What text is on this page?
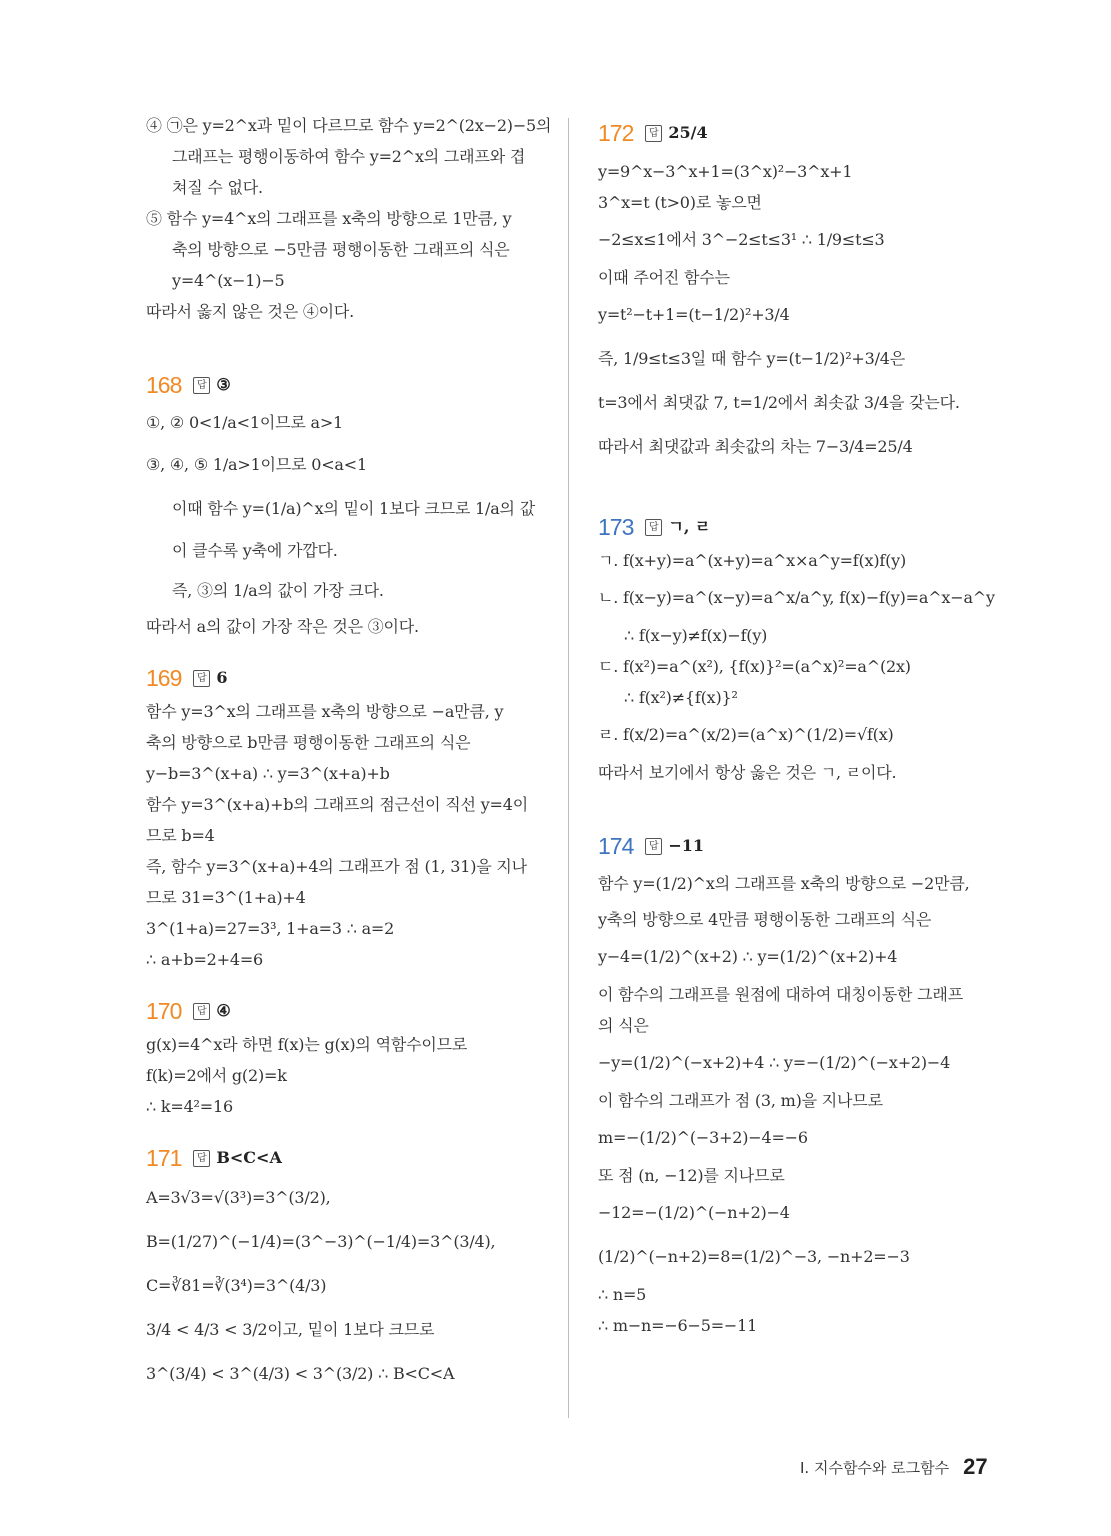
④ ㉠은 y=2^x과 밑이 다르므로 함수 y=2^(2x−2)−5의
그래프는 평행이동하여 함수 y=2^x의 그래프와 겹
쳐질 수 없다.
⑤ 함수 y=4^x의 그래프를 x축의 방향으로 1만큼, y
축의 방향으로 −5만큼 평행이동한 그래프의 식은
y=4^(x−1)−5
따라서 옳지 않은 것은 ④이다.
168	답 ③
①, ② 0<1/a<1이므로 a>1
③, ④, ⑤ 1/a>1이므로 0<a<1
이때 함수 y=(1/a)^x의 밑이 1보다 크므로 1/a의 값
이 클수록 y축에 가깝다.
즉, ③의 1/a의 값이 가장 크다.
따라서 a의 값이 가장 작은 것은 ③이다.
169	답 6
함수 y=3^x의 그래프를 x축의 방향으로 −a만큼, y
축의 방향으로 b만큼 평행이동한 그래프의 식은
y−b=3^(x+a) ∴ y=3^(x+a)+b
함수 y=3^(x+a)+b의 그래프의 점근선이 직선 y=4이
므로 b=4
즉, 함수 y=3^(x+a)+4의 그래프가 점 (1, 31)을 지나
므로 31=3^(1+a)+4
3^(1+a)=27=3³, 1+a=3 ∴ a=2
∴ a+b=2+4=6
170	답 ④
g(x)=4^x라 하면 f(x)는 g(x)의 역함수이므로
f(k)=2에서 g(2)=k
∴ k=4²=16
171	답 B<C<A
A=3√3=√(3³)=3^(3/2),
B=(1/27)^(−1/4)=(3^−3)^(−1/4)=3^(3/4),
C=∛81=∛(3⁴)=3^(4/3)
3/4 < 4/3 < 3/2이고, 밑이 1보다 크므로
3^(3/4) < 3^(4/3) < 3^(3/2) ∴ B<C<A
172	답 25/4
y=9^x−3^x+1=(3^x)²−3^x+1
3^x=t (t>0)로 놓으면
−2≤x≤1에서 3^−2≤t≤3¹ ∴ 1/9≤t≤3
이때 주어진 함수는
y=t²−t+1=(t−1/2)²+3/4
즉, 1/9≤t≤3일 때 함수 y=(t−1/2)²+3/4은
t=3에서 최댓값 7, t=1/2에서 최솟값 3/4을 갖는다.
따라서 최댓값과 최솟값의 차는 7−3/4=25/4
173	답 ㄱ, ㄹ
ㄱ. f(x+y)=a^(x+y)=a^x×a^y=f(x)f(y)
ㄴ. f(x−y)=a^(x−y)=a^x/a^y, f(x)−f(y)=a^x−a^y
∴ f(x−y)≠f(x)−f(y)
ㄷ. f(x²)=a^(x²), {f(x)}²=(a^x)²=a^(2x)
∴ f(x²)≠{f(x)}²
ㄹ. f(x/2)=a^(x/2)=(a^x)^(1/2)=√f(x)
따라서 보기에서 항상 옳은 것은 ㄱ, ㄹ이다.
174	답 −11
함수 y=(1/2)^x의 그래프를 x축의 방향으로 −2만큼,
y축의 방향으로 4만큼 평행이동한 그래프의 식은
y−4=(1/2)^(x+2) ∴ y=(1/2)^(x+2)+4
이 함수의 그래프를 원점에 대하여 대칭이동한 그래프
의 식은
−y=(1/2)^(−x+2)+4 ∴ y=−(1/2)^(−x+2)−4
이 함수의 그래프가 점 (3, m)을 지나므로
m=−(1/2)^(−3+2)−4=−6
또 점 (n, −12)를 지나므로
−12=−(1/2)^(−n+2)−4
(1/2)^(−n+2)=8=(1/2)^−3, −n+2=−3
∴ n=5
∴ m−n=−6−5=−11
I. 지수함수와 로그함수 27
